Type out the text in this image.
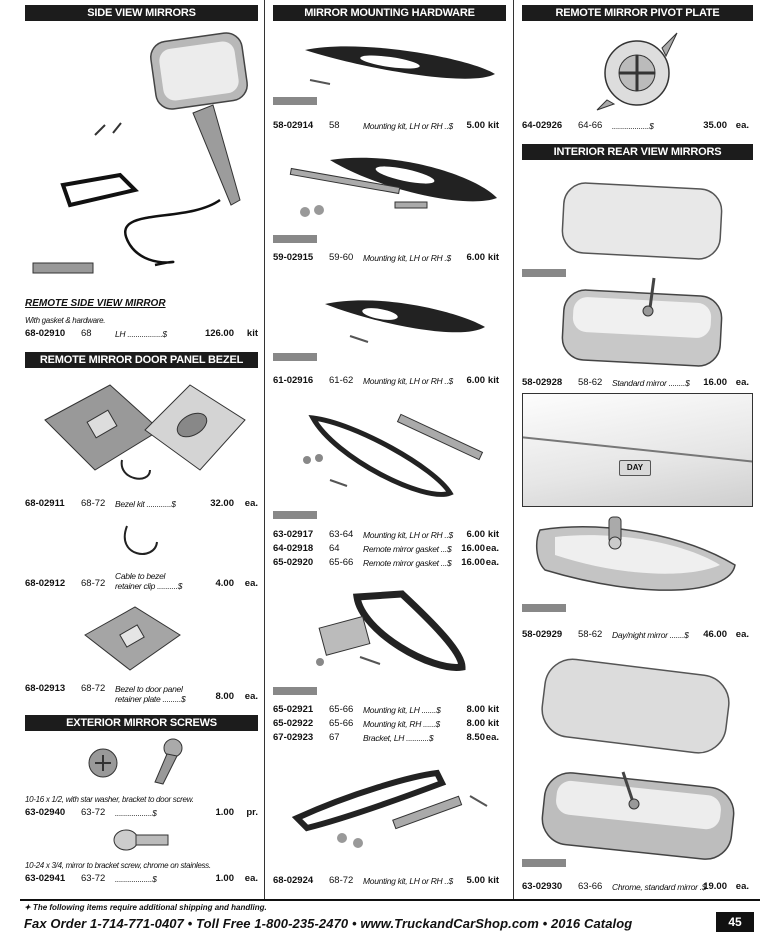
SIDE VIEW MIRRORS
REMOTE SIDE VIEW MIRROR
With gasket & hardware.
68-02910 68	LH .................$	126.00 kit
REMOTE MIRROR DOOR PANEL BEZEL
68-02911 68-72 Bezel kit ............$	32.00 ea.
68-02912 68-72
Cable to bezel
retainer clip ..........$	4.00 ea.
68-02913 68-72 Bezel to door panel
retainer plate .........$	8.00 ea.
EXTERIOR MIRROR SCREWS
10-16 x 1/2, with star washer, bracket to door screw.
63-02940 63-72 ..................$	1.00 pr.
10-24 x 3/4, mirror to bracket screw, chrome on stainless.
63-02941 63-72 ..................$	1.00 ea.
MIRROR MOUNTING HARDWARE
58-02914 58	Mounting kit, LH or RH ..$ 5.00 kit
59-02915 59-60 Mounting kit, LH or RH .$ 6.00 kit
61-02916 61-62 Mounting kit, LH or RH ..$ 6.00 kit
63-02917 63-64 Mounting kit, LH or RH ..$ 6.00 kit
64-02918 64	Remote mirror gasket ...$ 16.00 ea.
65-02920 65-66 Remote mirror gasket ...$ 16.00 ea.
65-02921 65-66 Mounting kit, LH .......$	8.00 kit
65-02922 65-66 Mounting kit, RH ......$	8.00 kit
67-02923 67	Bracket, LH ...........$	8.50 ea.
68-02924 68-72 Mounting kit, LH or RH ..$ 5.00 kit
REMOTE MIRROR PIVOT PLATE
64-02926 64-66 ..................$	35.00 ea.
INTERIOR REAR VIEW MIRRORS
58-02928 58-62 Standard mirror ........$ 16.00 ea.
DAY
58-02929 58-62 Day/night mirror .......$ 46.00 ea.
63-02930 63-66 Chrome, standard mirror .$
19.00 ea.
✦ The following items require additional shipping and handling.
Fax Order 1-714-771-0407 • Toll Free 1-800-235-2470 • www.TruckandCarShop.com • 2016 Catalog	45
